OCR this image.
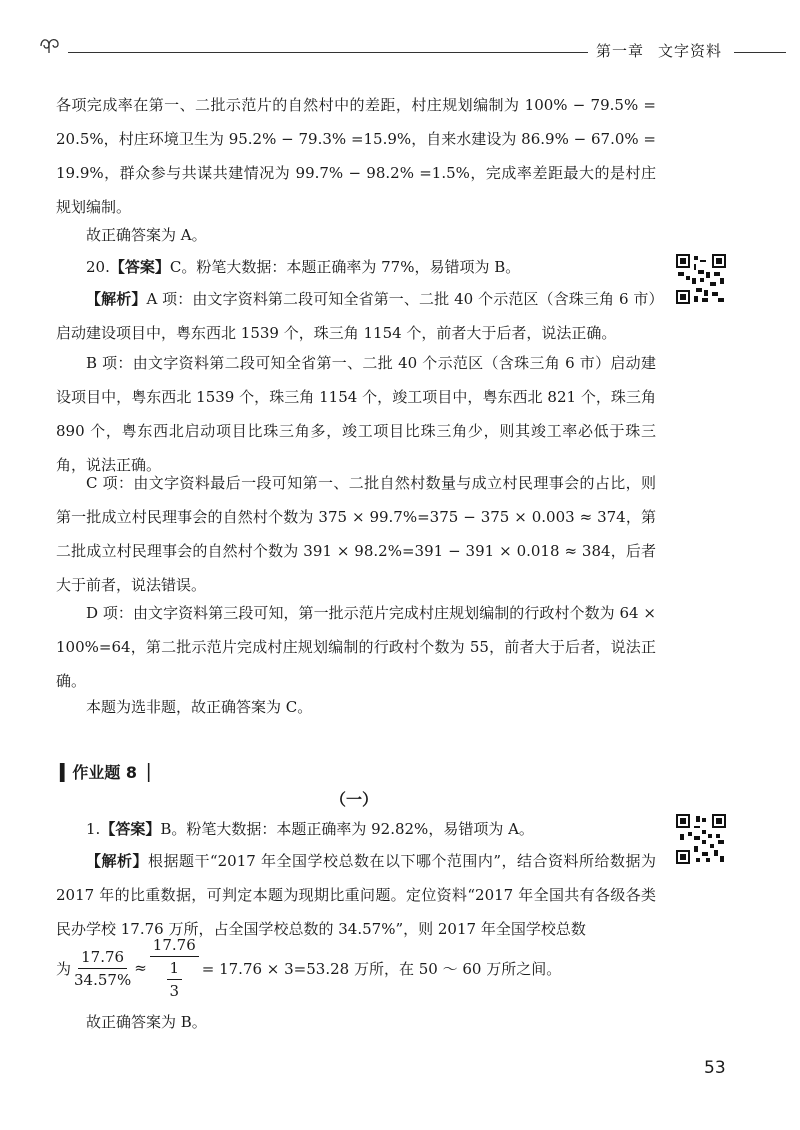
第一章 文字资料

各项完成率在第一、二批示范片的自然村中的差距，村庄规划编制为 100% − 79.5% = 20.5%，村庄环境卫生为 95.2% − 79.3% =15.9%，自来水建设为 86.9% − 67.0% = 19.9%，群众参与共谋共建情况为 99.7% − 98.2% =1.5%，完成率差距最大的是村庄规划编制。

故正确答案为 A。

20.【答案】C。粉笔大数据：本题正确率为 77%，易错项为 B。

【解析】A 项：由文字资料第二段可知全省第一、二批 40 个示范区（含珠三角 6 市）启动建设项目中，粤东西北 1539 个，珠三角 1154 个，前者大于后者，说法正确。

B 项：由文字资料第二段可知全省第一、二批 40 个示范区（含珠三角 6 市）启动建设项目中，粤东西北 1539 个，珠三角 1154 个，竣工项目中，粤东西北 821 个，珠三角 890 个，粤东西北启动项目比珠三角多，竣工项目比珠三角少，则其竣工率必低于珠三角，说法正确。

C 项：由文字资料最后一段可知第一、二批自然村数量与成立村民理事会的占比，则第一批成立村民理事会的自然村个数为 375 × 99.7%=375 − 375 × 0.003 ≈ 374，第二批成立村民理事会的自然村个数为 391 × 98.2%=391 − 391 × 0.018 ≈ 384，后者大于前者，说法错误。

D 项：由文字资料第三段可知，第一批示范片完成村庄规划编制的行政村个数为 64 × 100%=64，第二批示范片完成村庄规划编制的行政村个数为 55，前者大于后者，说法正确。

本题为选非题，故正确答案为 C。

▍作业题 8▕
（一）

1.【答案】B。粉笔大数据：本题正确率为 92.82%，易错项为 A。

【解析】根据题干“2017 年全国学校总数在以下哪个范围内”，结合资料所给数据为 2017 年的比重数据，可判定本题为现期比重问题。定位资料“2017 年全国共有各级各类民办学校 17.76 万所，占全国学校总数的 34.57%”，则 2017 年全国学校总数

为 $\frac{17.76}{34.57\%} \approx \frac{17.76}{\frac{1}{3}} = 17.76 \times 3=53.28$ 万所，在 50 ～ 60 万所之间。

故正确答案为 B。

53
